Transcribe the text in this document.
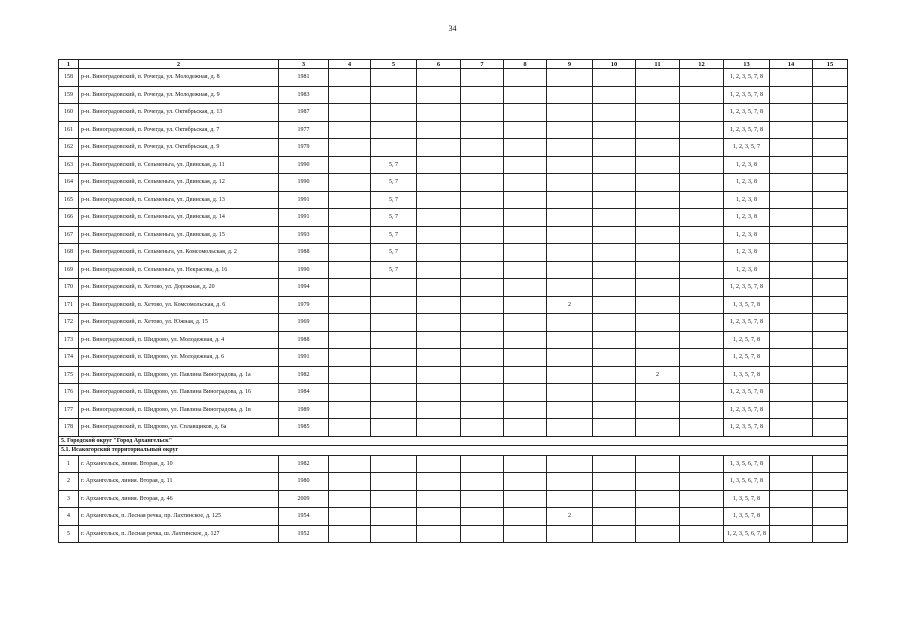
34
1	2	3	4	5	6	7	8	9	10	11	12	13	14	15
158	р-н. Виноградовский, п. Рочегда, ул. Молодежная, д. 8	1981										1, 2, 3, 5, 7, 8		
159	р-н. Виноградовский, п. Рочегда, ул. Молодежная, д. 9	1983										1, 2, 3, 5, 7, 8		
160	р-н. Виноградовский, п. Рочегда, ул. Октябрьская, д. 13	1987										1, 2, 3, 5, 7, 8		
161	р-н. Виноградовский, п. Рочегда, ул. Октябрьская, д. 7	1977										1, 2, 3, 5, 7, 8		
162	р-н. Виноградовский, п. Рочегда, ул. Октябрьская, д. 9	1979										1, 2, 3, 5, 7		
163	р-н. Виноградовский, п. Сельменьга, ул. Двинская, д. 11	1990		5, 7								1, 2, 3, 8		
164	р-н. Виноградовский, п. Сельменьга, ул. Двинская, д. 12	1990		5, 7								1, 2, 3, 8		
165	р-н. Виноградовский, п. Сельменьга, ул. Двинская, д. 13	1991		5, 7								1, 2, 3, 8		
166	р-н. Виноградовский, п. Сельменьга, ул. Двинская, д. 14	1991		5, 7								1, 2, 3, 8		
167	р-н. Виноградовский, п. Сельменьга, ул. Двинская, д. 15	1993		5, 7								1, 2, 3, 8		
168	р-н. Виноградовский, п. Сельменьга, ул. Комсомольская, д. 2	1988		5, 7								1, 2, 3, 8		
169	р-н. Виноградовский, п. Сельменьга, ул. Некрасова, д. 16	1990		5, 7								1, 2, 3, 8		
170	р-н. Виноградовский, п. Хетово, ул. Дорожная, д. 20	1994										1, 2, 3, 5, 7, 8		
171	р-н. Виноградовский, п. Хетово, ул. Комсомольская, д. 6	1979						2				1, 3, 5, 7, 8		
172	р-н. Виноградовский, п. Хетово, ул. Южная, д. 15	1969										1, 2, 3, 5, 7, 8		
173	р-н. Виноградовский, п. Шидрово, ул. Молодежная, д. 4	1988										1, 2, 5, 7, 8		
174	р-н. Виноградовский, п. Шидрово, ул. Молодежная, д. 6	1991										1, 2, 5, 7, 8		
175	р-н. Виноградовский, п. Шидрово, ул. Павлина Виноградова, д. 1а	1982								2		1, 3, 5, 7, 8		
176	р-н. Виноградовский, п. Шидрово, ул. Павлина Виноградова, д. 16	1984										1, 2, 3, 5, 7, 8		
177	р-н. Виноградовский, п. Шидрово, ул. Павлина Виноградова, д. 1в	1989										1, 2, 3, 5, 7, 8		
178	р-н. Виноградовский, п. Шидрово, ул. Сплавщиков, д. 6а	1985										1, 2, 3, 5, 7, 8		
5. Городской округ "Город Архангельск"														
5.1. Исакогорский территориальный округ														
1	г. Архангельск, линия. Вторая, д. 10	1982										1, 3, 5, 6, 7, 8		
2	г. Архангельск, линия. Вторая, д. 11	1980										1, 3, 5, 6, 7, 8		
3	г. Архангельск, линия. Вторая, д. 46	2009										1, 3, 5, 7, 8		
4	г. Архангельск, п. Лесная речка, пр. Лахтинское, д. 125	1954						2				1, 3, 5, 7, 8		
5	г. Архангельск, п. Лесная речка, ш. Лахтинское, д. 127	1952										1, 2, 3, 5, 6, 7, 8		
